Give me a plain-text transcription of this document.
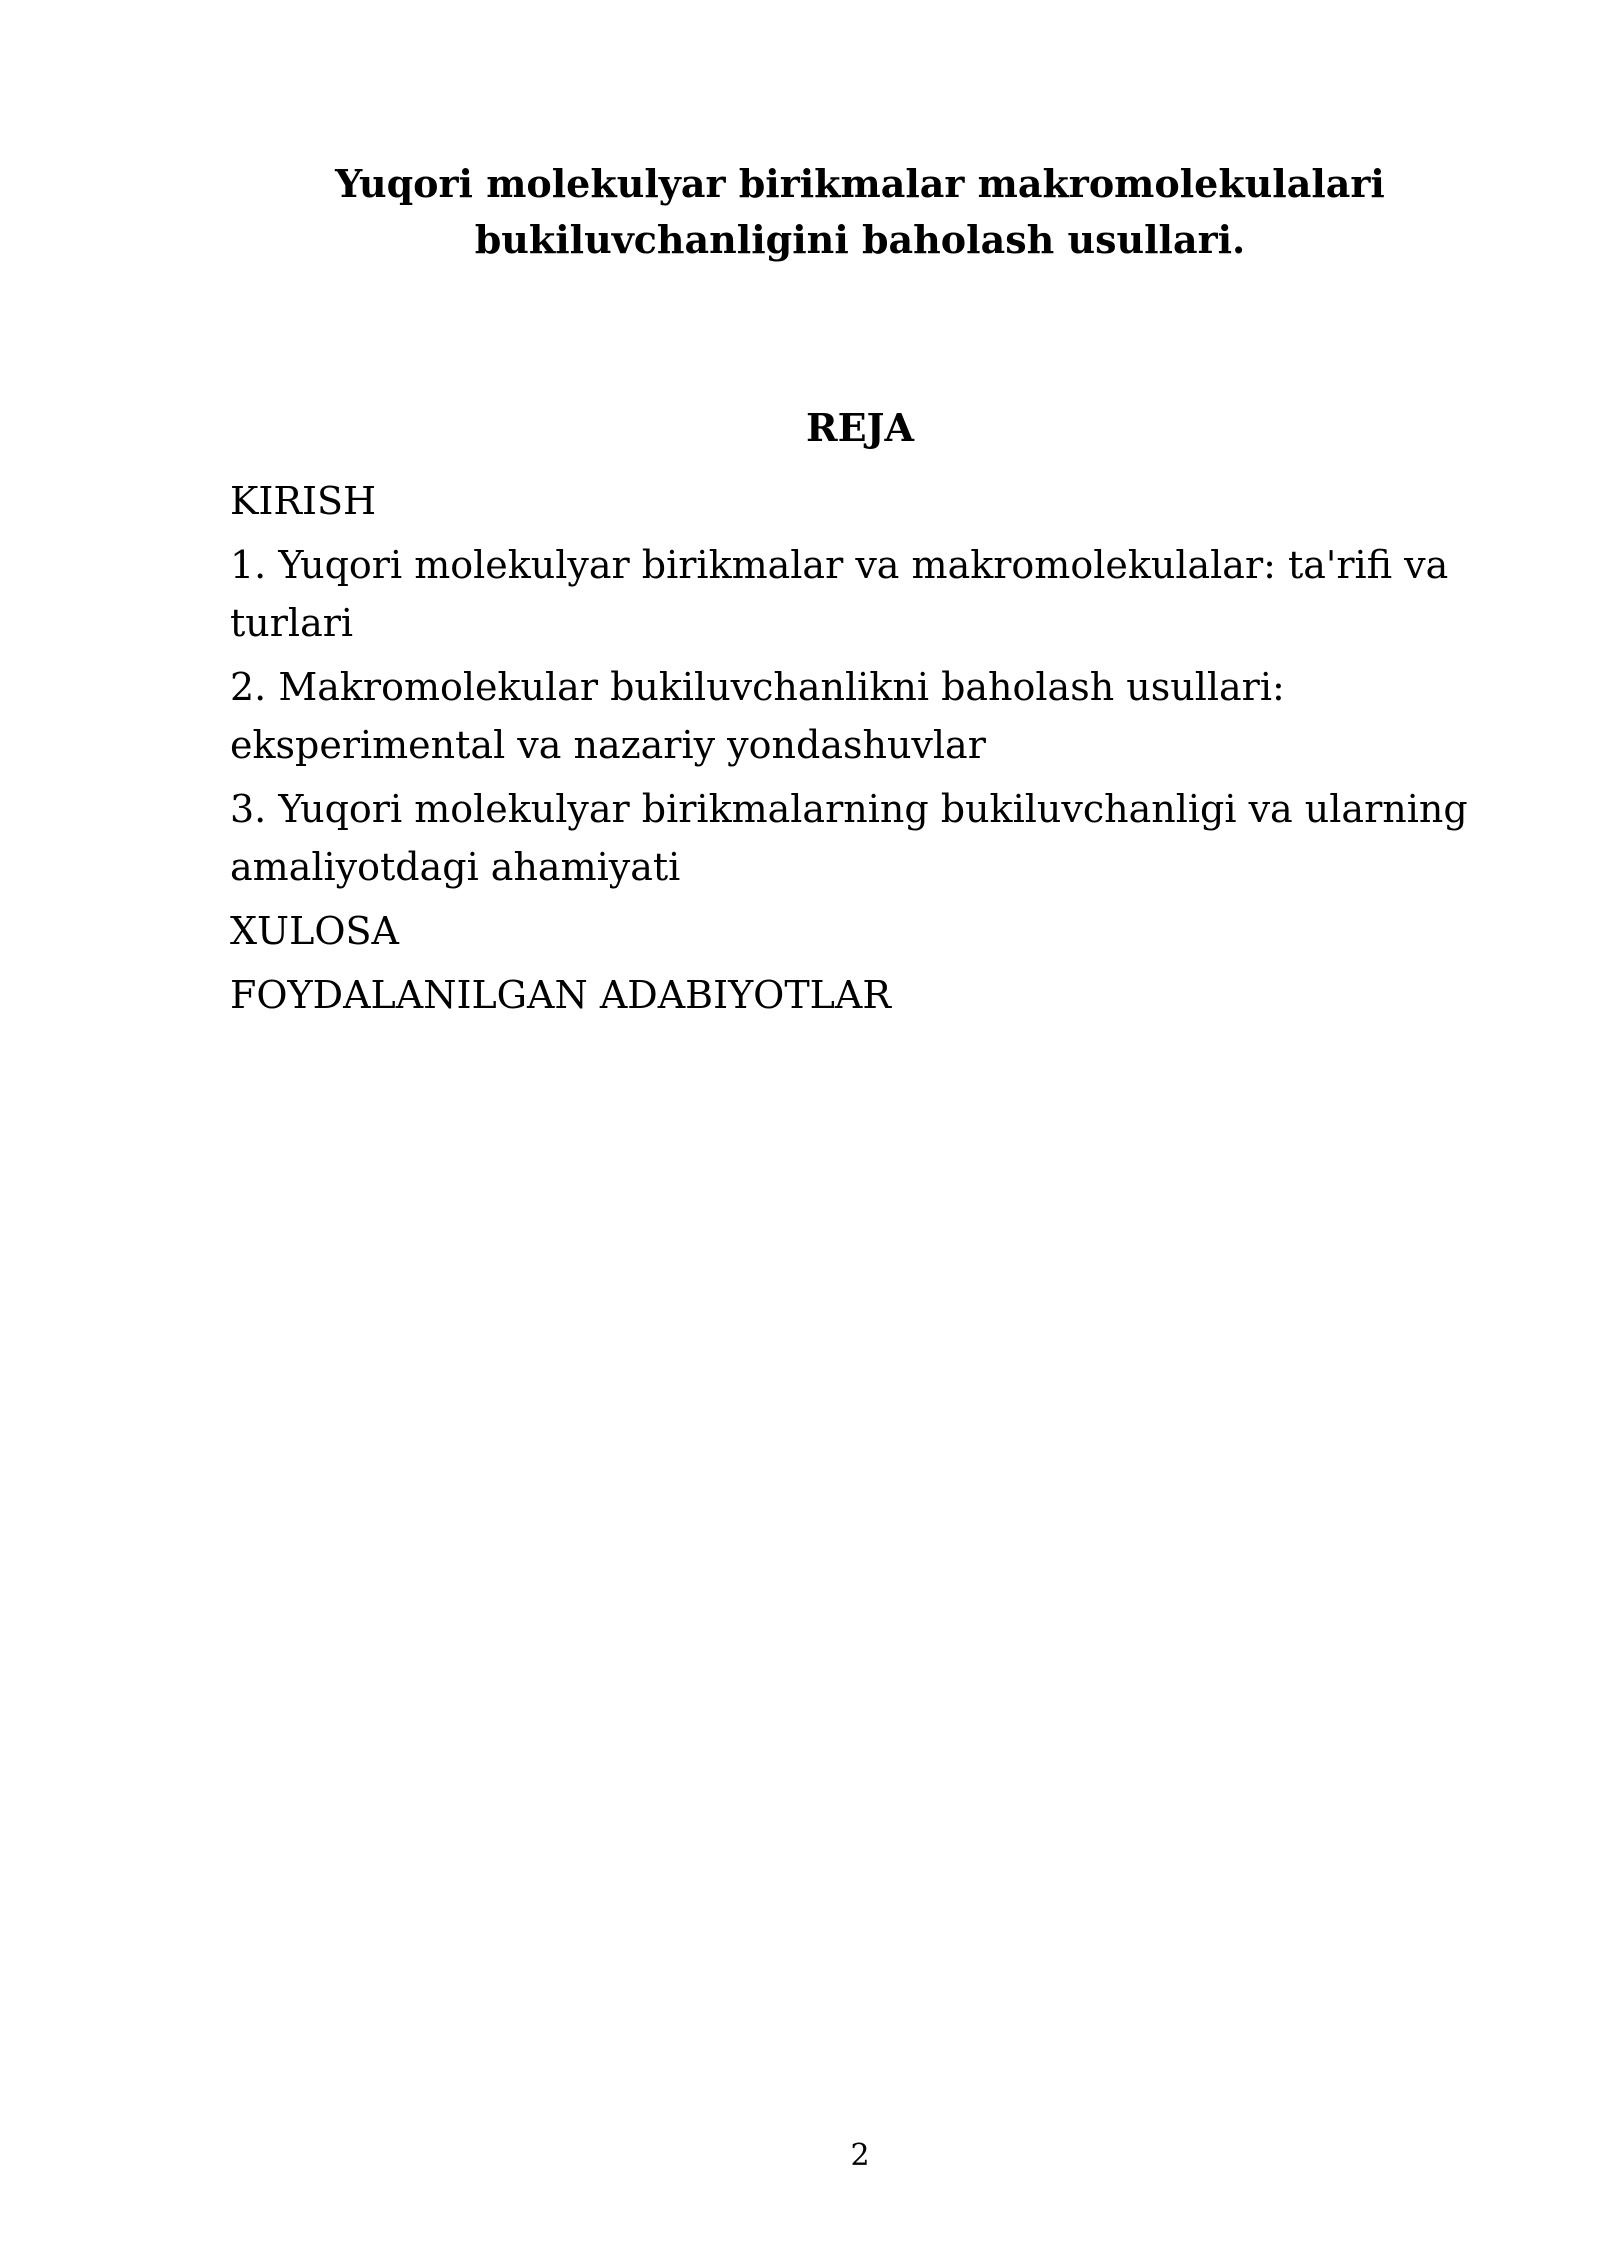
Yuqori molekulyar birikmalar makromolekulalari
bukiluvchanligini baholash usullari.
REJA
KIRISH
1. Yuqori molekulyar birikmalar va makromolekulalar: ta'rifi va turlari
2. Makromolekular bukiluvchanlikni baholash usullari: eksperimental va nazariy yondashuvlar
3. Yuqori molekulyar birikmalarning bukiluvchanligi va ularning amaliyotdagi ahamiyati
XULOSA
FOYDALANILGAN ADABIYOTLAR
2
